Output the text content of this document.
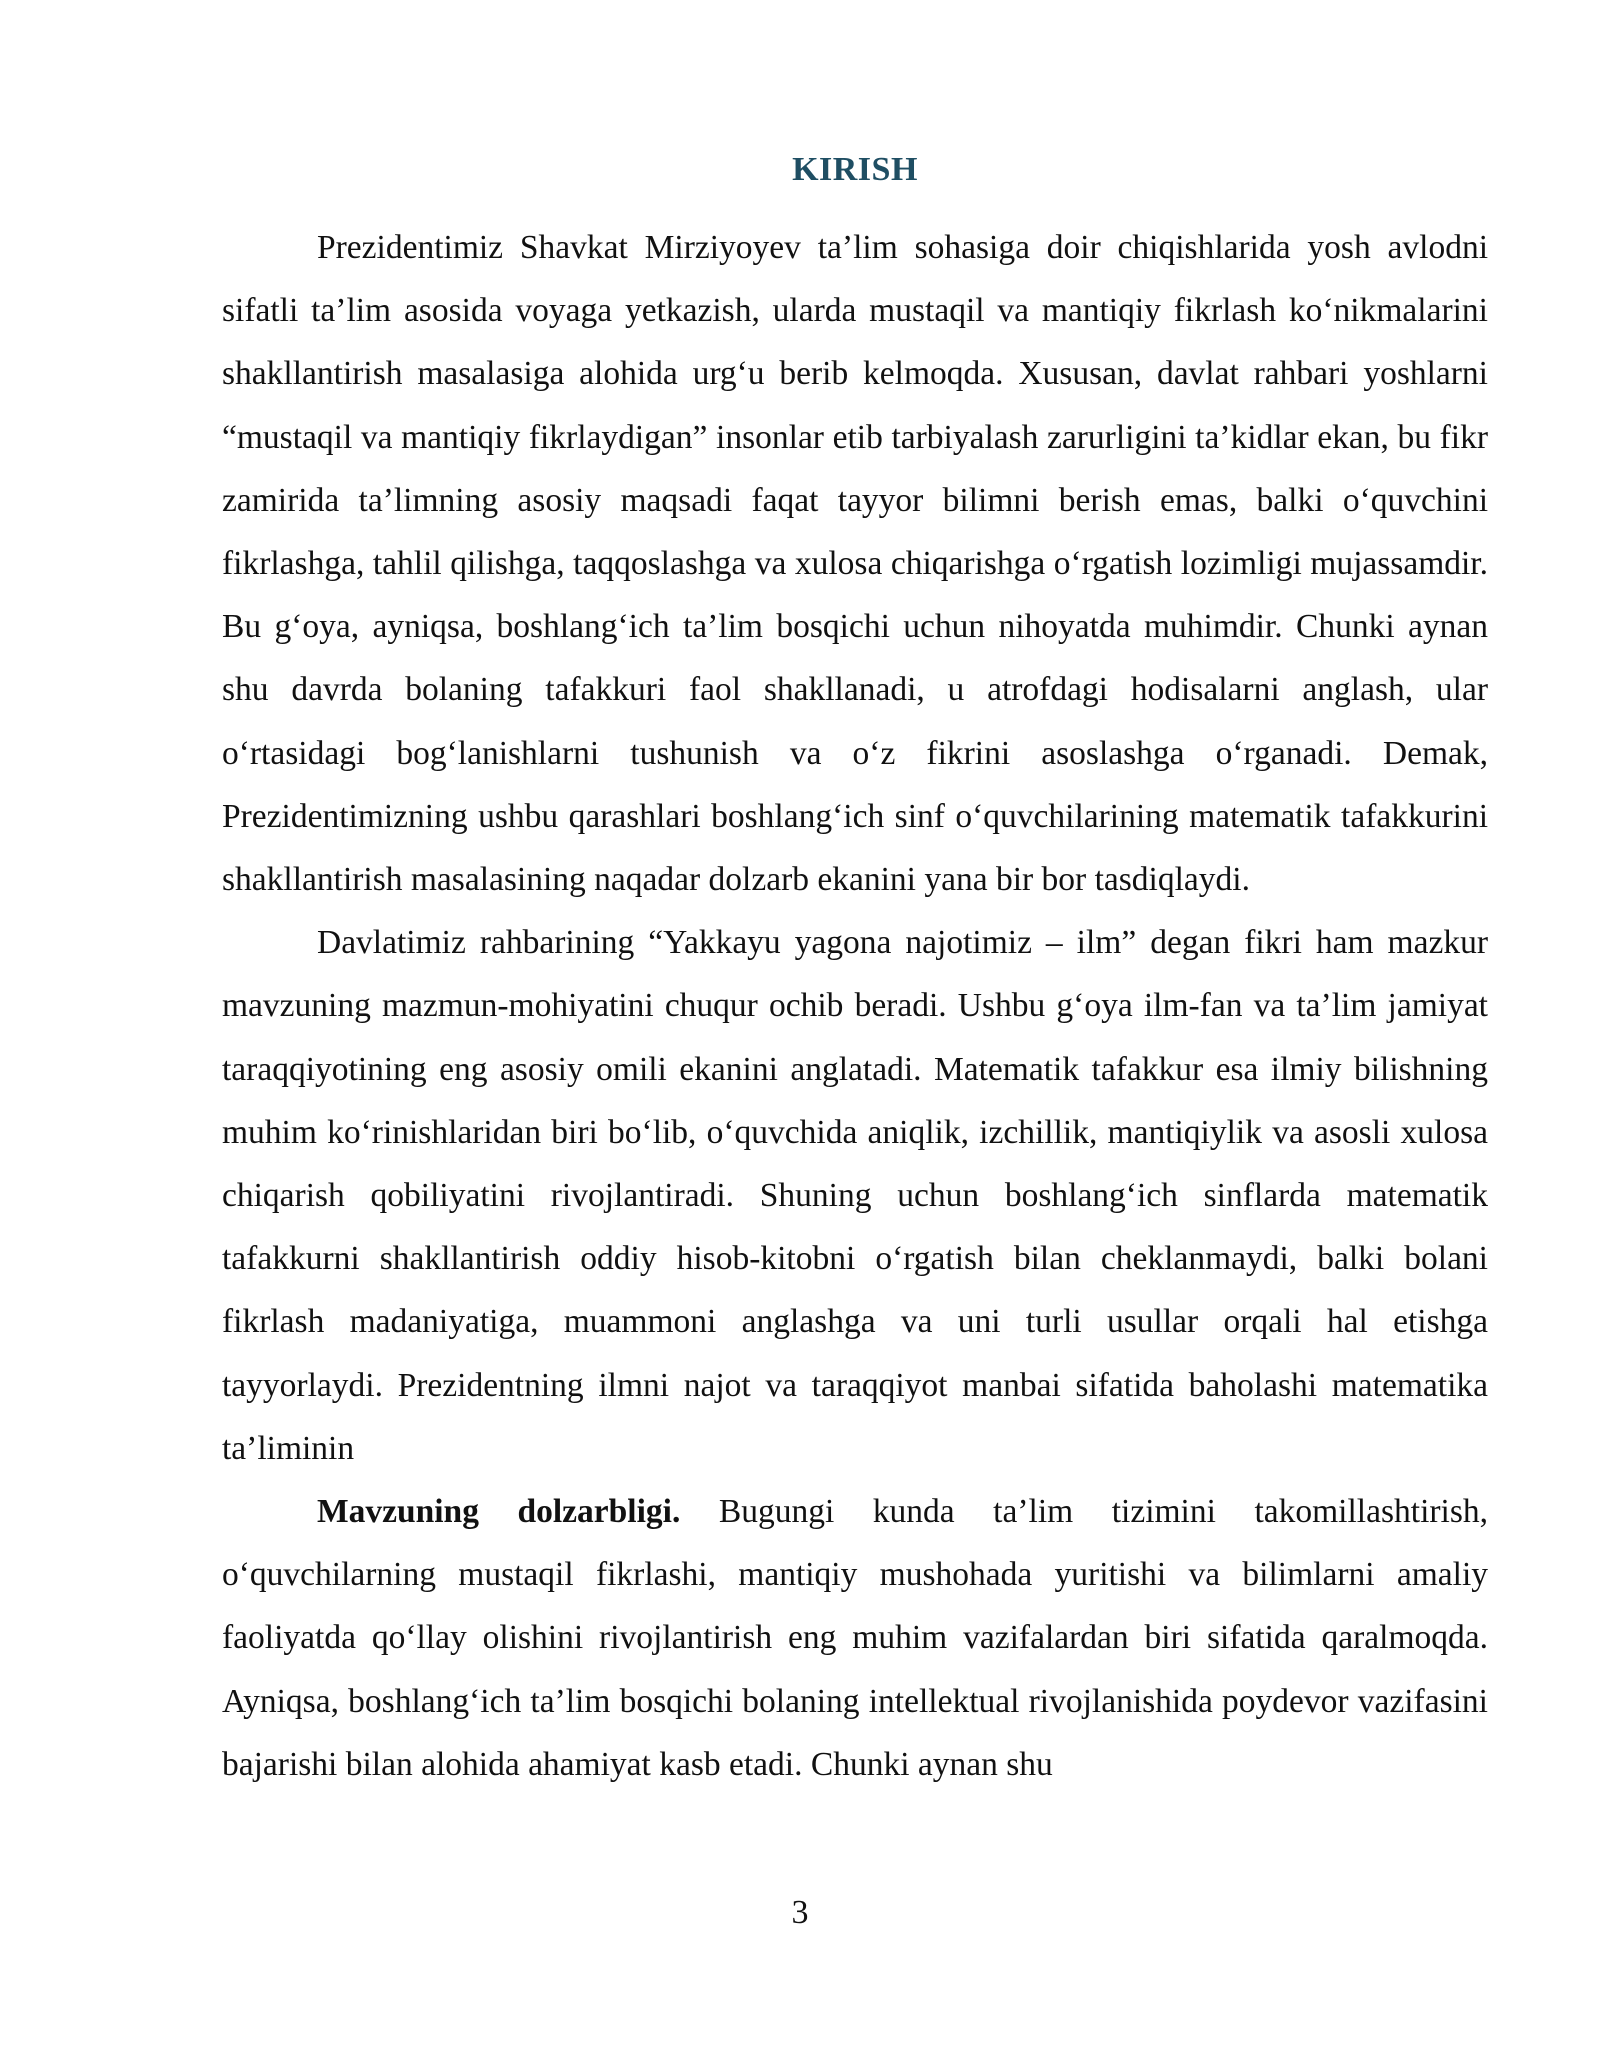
KIRISH

Prezidentimiz Shavkat Mirziyoyev ta’lim sohasiga doir chiqishlarida yosh avlodni sifatli ta’lim asosida voyaga yetkazish, ularda mustaqil va mantiqiy fikrlash ko‘nikmalarini shakllantirish masalasiga alohida urg‘u berib kelmoqda. Xususan, davlat rahbari yoshlarni “mustaqil va mantiqiy fikrlaydigan” insonlar etib tarbiyalash zarurligini ta’kidlar ekan, bu fikr zamirida ta’limning asosiy maqsadi faqat tayyor bilimni berish emas, balki o‘quvchini fikrlashga, tahlil qilishga, taqqoslashga va xulosa chiqarishga o‘rgatish lozimligi mujassamdir. Bu g‘oya, ayniqsa, boshlang‘ich ta’lim bosqichi uchun nihoyatda muhimdir. Chunki aynan shu davrda bolaning tafakkuri faol shakllanadi, u atrofdagi hodisalarni anglash, ular o‘rtasidagi bog‘lanishlarni tushunish va o‘z fikrini asoslashga o‘rganadi. Demak, Prezidentimizning ushbu qarashlari boshlang‘ich sinf o‘quvchilarining matematik tafakkurini shakllantirish masalasining naqadar dolzarb ekanini yana bir bor tasdiqlaydi.

Davlatimiz rahbarining “Yakkayu yagona najotimiz – ilm” degan fikri ham mazkur mavzuning mazmun-mohiyatini chuqur ochib beradi. Ushbu g‘oya ilm-fan va ta’lim jamiyat taraqqiyotining eng asosiy omili ekanini anglatadi. Matematik tafakkur esa ilmiy bilishning muhim ko‘rinishlaridan biri bo‘lib, o‘quvchida aniqlik, izchillik, mantiqiylik va asosli xulosa chiqarish qobiliyatini rivojlantiradi. Shuning uchun boshlang‘ich sinflarda matematik tafakkurni shakllantirish oddiy hisob-kitobni o‘rgatish bilan cheklanmaydi, balki bolani fikrlash madaniyatiga, muammoni anglashga va uni turli usullar orqali hal etishga tayyorlaydi. Prezidentning ilmni najot va taraqqiyot manbai sifatida baholashi matematika ta’liminin

Mavzuning dolzarbligi. Bugungi kunda ta’lim tizimini takomillashtirish, o‘quvchilarning mustaqil fikrlashi, mantiqiy mushohada yuritishi va bilimlarni amaliy faoliyatda qo‘llay olishini rivojlantirish eng muhim vazifalardan biri sifatida qaralmoqda. Ayniqsa, boshlang‘ich ta’lim bosqichi bolaning intellektual rivojlanishida poydevor vazifasini bajarishi bilan alohida ahamiyat kasb etadi. Chunki aynan shu

3
